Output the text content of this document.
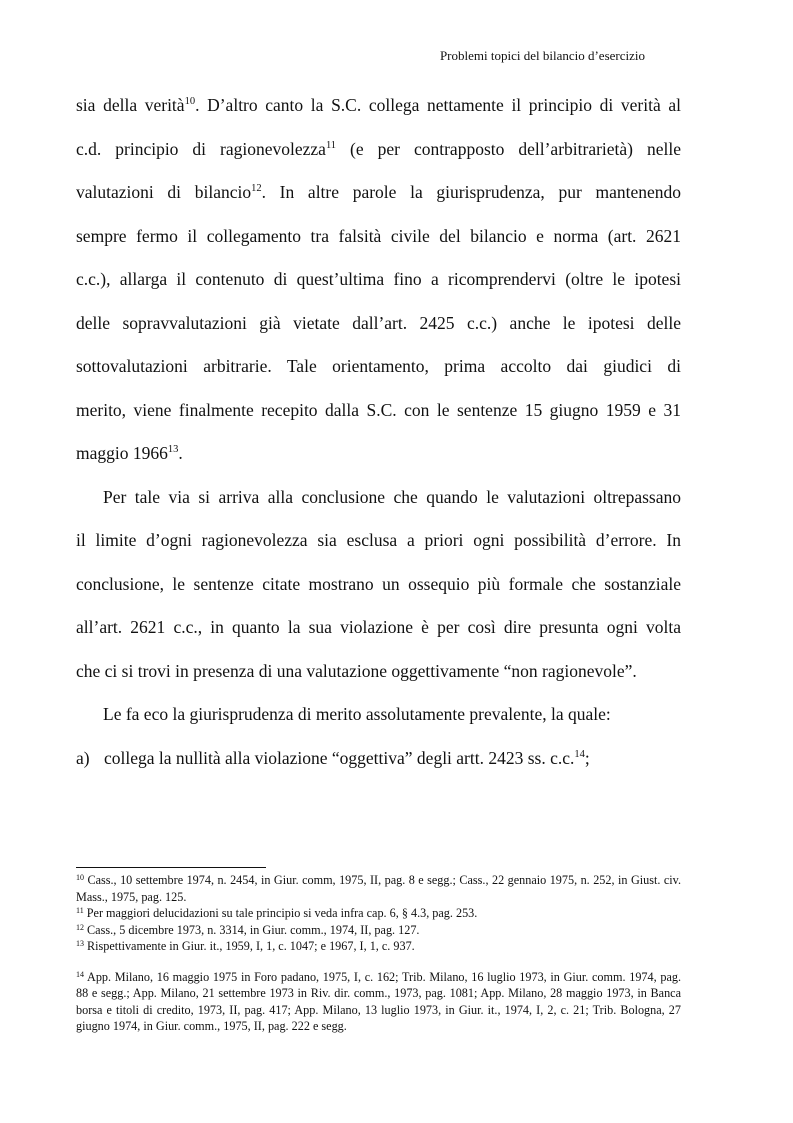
Problemi topici del bilancio d’esercizio
sia della verità$^{10}$. D’altro canto la S.C. collega nettamente il principio di verità al
c.d. principio di ragionevolezza$^{11}$ (e per contrapposto dell’arbitrarietà) nelle
valutazioni di bilancio$^{12}$. In altre parole la giurisprudenza, pur mantenendo
sempre fermo il collegamento tra falsità civile del bilancio e norma (art. 2621
c.c.), allarga il contenuto di quest’ultima fino a ricomprendervi (oltre le ipotesi
delle sopravvalutazioni già vietate dall’art. 2425 c.c.) anche le ipotesi delle
sottovalutazioni arbitrarie. Tale orientamento, prima accolto dai giudici di
merito, viene finalmente recepito dalla S.C. con le sentenze 15 giugno 1959 e 31
maggio 1966$^{13}$.
Per tale via si arriva alla conclusione che quando le valutazioni oltrepassano
il limite d’ogni ragionevolezza sia esclusa a priori ogni possibilità d’errore. In
conclusione, le sentenze citate mostrano un ossequio più formale che sostanziale
all’art. 2621 c.c., in quanto la sua violazione è per così dire presunta ogni volta
che ci si trovi in presenza di una valutazione oggettivamente “non ragionevole”.
Le fa eco la giurisprudenza di merito assolutamente prevalente, la quale:
a) collega la nullità alla violazione “oggettiva” degli artt. 2423 ss. c.c.$^{14}$;
$^{10}$ Cass., 10 settembre 1974, n. 2454, in Giur. comm, 1975, II, pag. 8 e segg.; Cass., 22 gennaio 1975, n. 252, in Giust. civ. Mass., 1975, pag. 125.
$^{11}$ Per maggiori delucidazioni su tale principio si veda infra cap. 6, § 4.3, pag. 253.
$^{12}$ Cass., 5 dicembre 1973, n. 3314, in Giur. comm., 1974, II, pag. 127.
$^{13}$ Rispettivamente in Giur. it., 1959, I, 1, c. 1047; e 1967, I, 1, c. 937.
$^{14}$ App. Milano, 16 maggio 1975 in Foro padano, 1975, I, c. 162; Trib. Milano, 16 luglio 1973, in Giur. comm. 1974, pag. 88 e segg.; App. Milano, 21 settembre 1973 in Riv. dir. comm., 1973, pag. 1081; App. Milano, 28 maggio 1973, in Banca borsa e titoli di credito, 1973, II, pag. 417; App. Milano, 13 luglio 1973, in Giur. it., 1974, I, 2, c. 21; Trib. Bologna, 27 giugno 1974, in Giur. comm., 1975, II, pag. 222 e segg.
